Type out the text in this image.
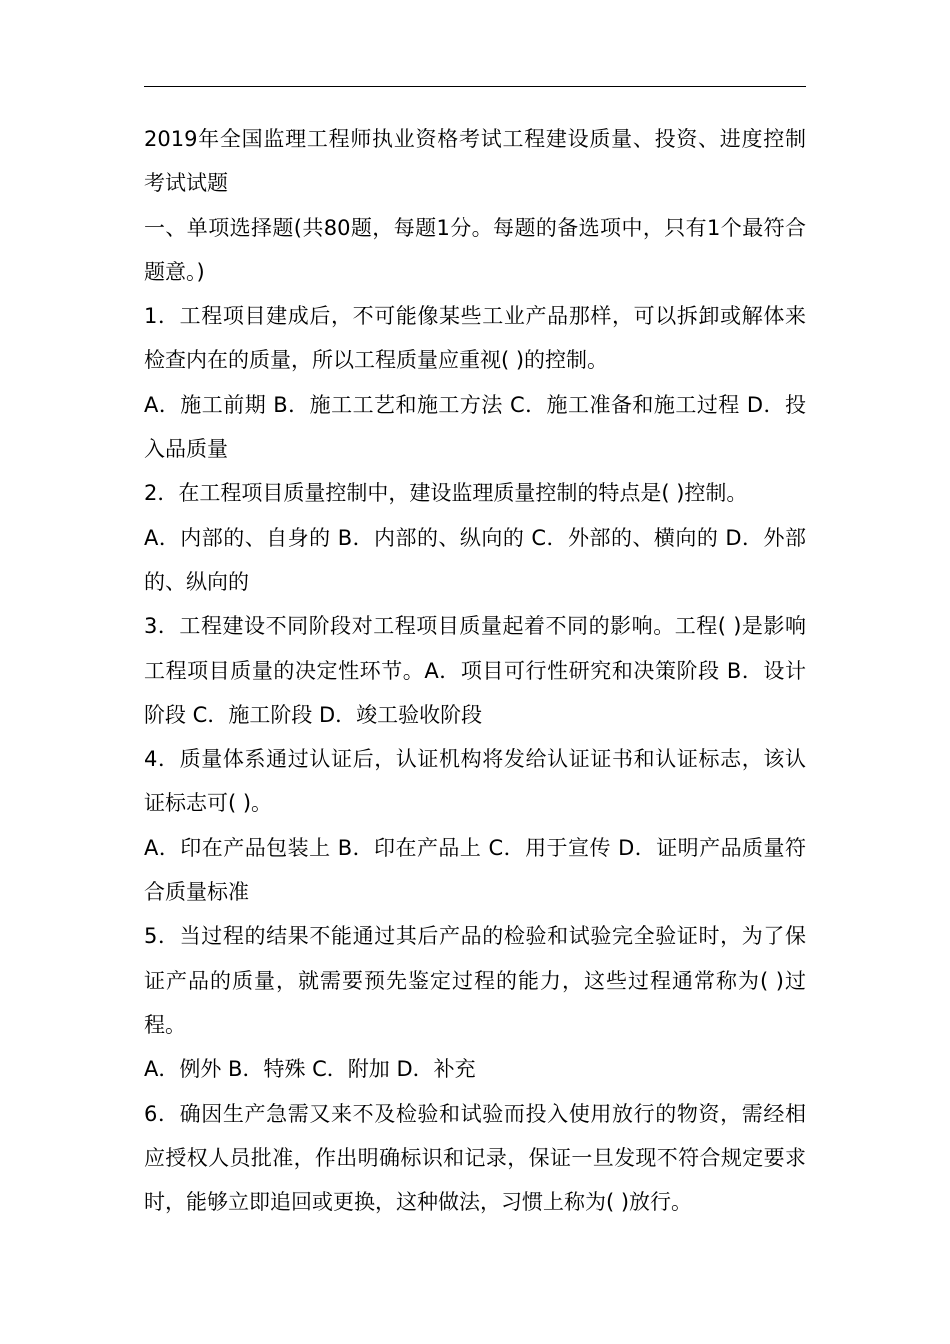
2019年全国监理工程师执业资格考试工程建设质量、投资、进度控制考试试题

一、单项选择题(共80题，每题1分。每题的备选项中，只有1个最符合题意。)

1．工程项目建成后，不可能像某些工业产品那样，可以拆卸或解体来检查内在的质量，所以工程质量应重视( )的控制。

A．施工前期 B．施工工艺和施工方法 C．施工准备和施工过程 D．投入品质量

2．在工程项目质量控制中，建设监理质量控制的特点是( )控制。

A．内部的、自身的 B．内部的、纵向的 C．外部的、横向的 D．外部的、纵向的

3．工程建设不同阶段对工程项目质量起着不同的影响。工程( )是影响工程项目质量的决定性环节。A．项目可行性研究和决策阶段 B．设计阶段 C．施工阶段 D．竣工验收阶段

4．质量体系通过认证后，认证机构将发给认证证书和认证标志，该认证标志可( )。

A．印在产品包装上 B．印在产品上 C．用于宣传 D．证明产品质量符合质量标准

5．当过程的结果不能通过其后产品的检验和试验完全验证时，为了保证产品的质量，就需要预先鉴定过程的能力，这些过程通常称为( )过程。

A．例外 B．特殊 C．附加 D．补充

6．确因生产急需又来不及检验和试验而投入使用放行的物资，需经相应授权人员批准，作出明确标识和记录，保证一旦发现不符合规定要求时，能够立即追回或更换，这种做法，习惯上称为( )放行。
